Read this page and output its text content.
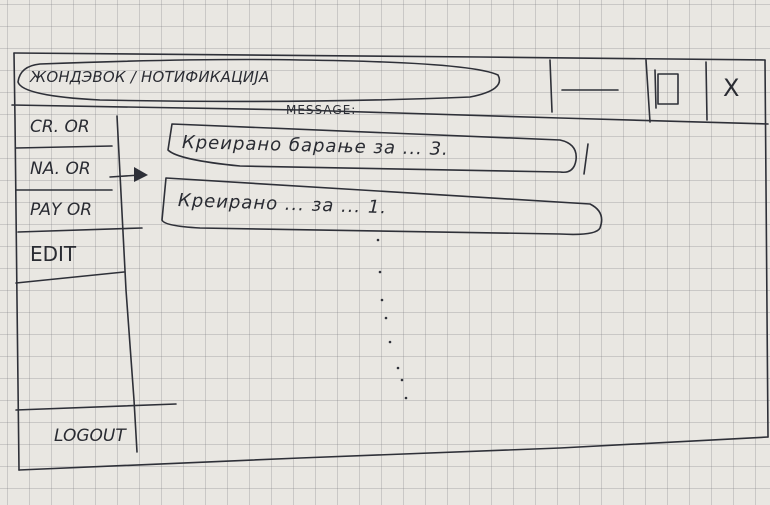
ЖОНДЭВОК / НОТИФИКАЦИЈА	X
CR. OR
NA. OR
PAY OR
EDIT
LOGOUT
MESSAGE:
Креирано барање за ... 3.
Креирано ... за ... 1.
